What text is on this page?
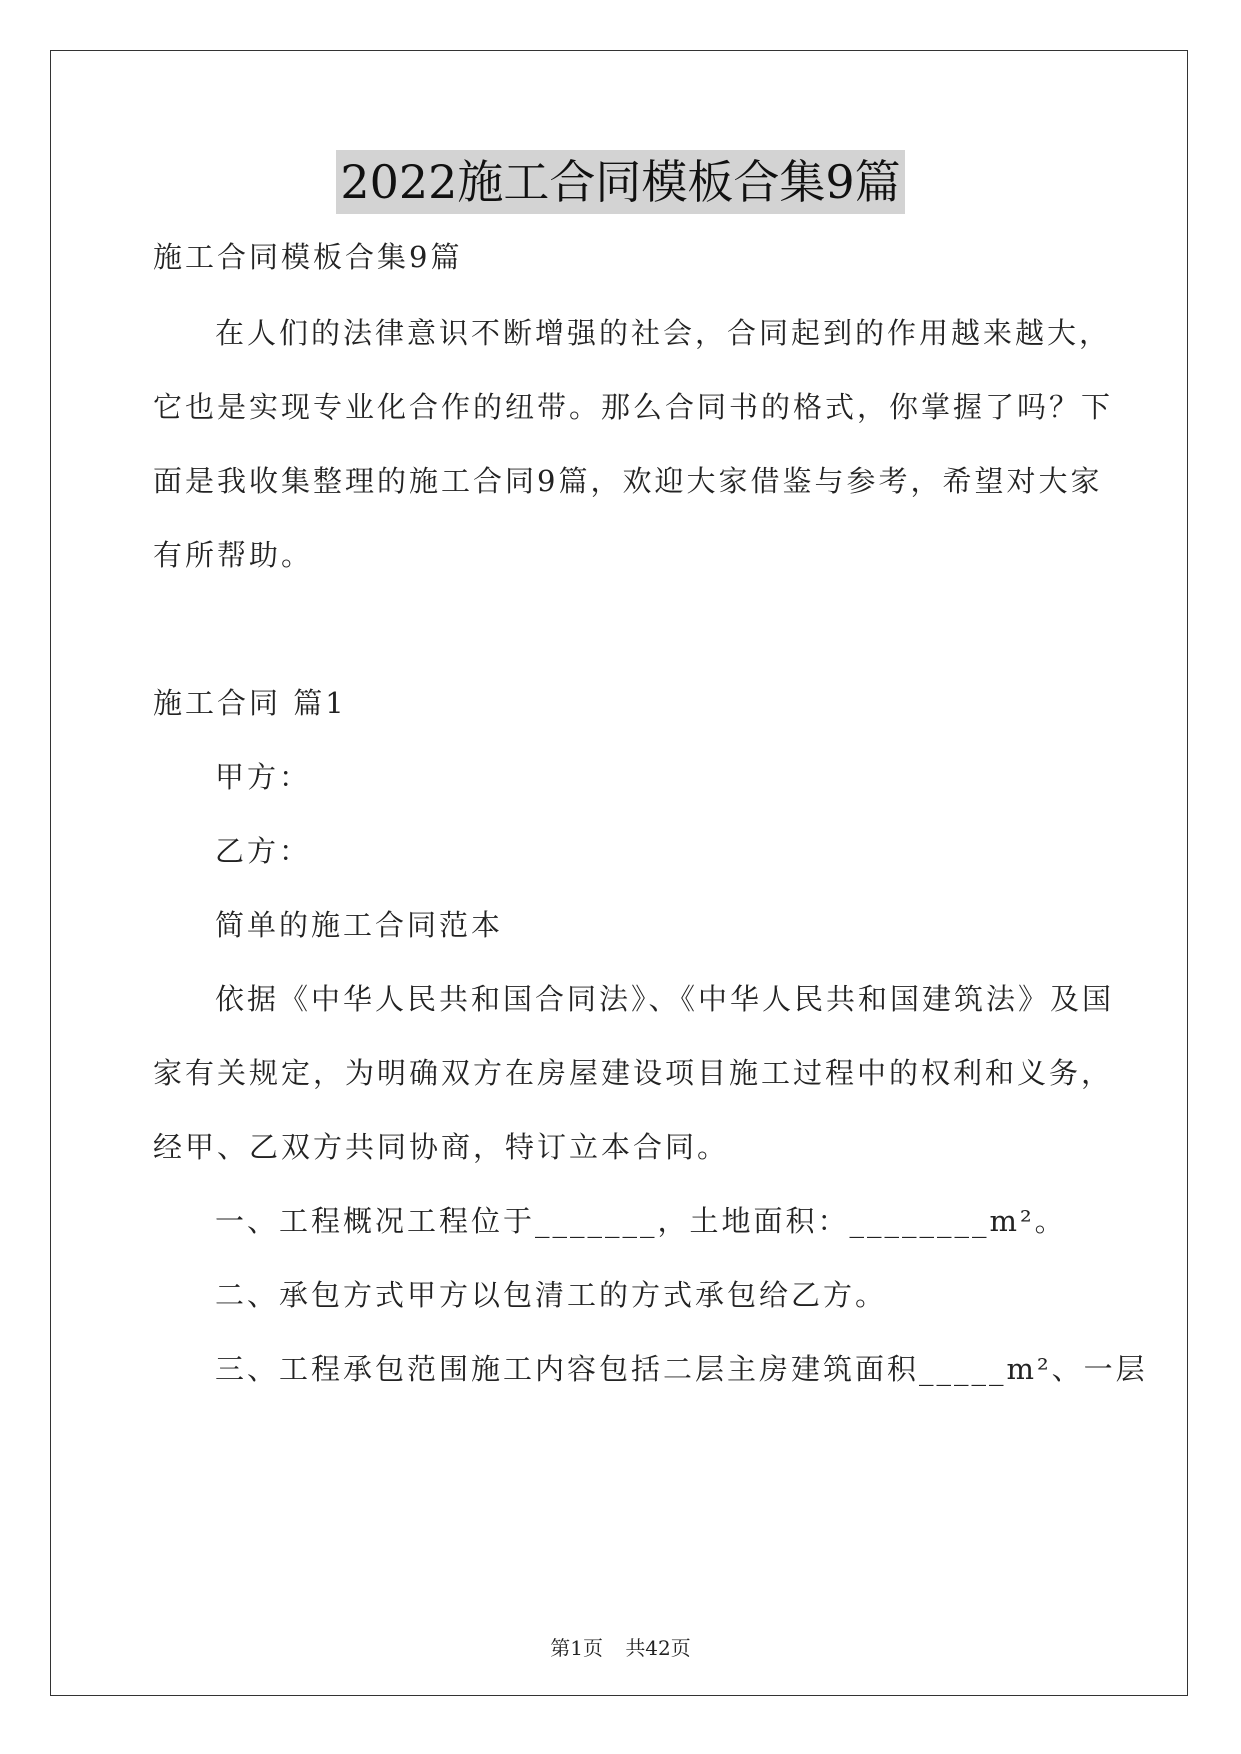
2022施工合同模板合集9篇
施工合同模板合集9篇
在人们的法律意识不断增强的社会，合同起到的作用越来越大，
它也是实现专业化合作的纽带。那么合同书的格式，你掌握了吗？下
面是我收集整理的施工合同9篇，欢迎大家借鉴与参考，希望对大家
有所帮助。
施工合同 篇1
甲方：
乙方：
简单的施工合同范本
依据《中华人民共和国合同法》、《中华人民共和国建筑法》及国
家有关规定，为明确双方在房屋建设项目施工过程中的权利和义务，
经甲、乙双方共同协商，特订立本合同。
一、工程概况工程位于_______，土地面积：________m²。
二、承包方式甲方以包清工的方式承包给乙方。
三、工程承包范围施工内容包括二层主房建筑面积_____m²、一层
第1页 共42页
